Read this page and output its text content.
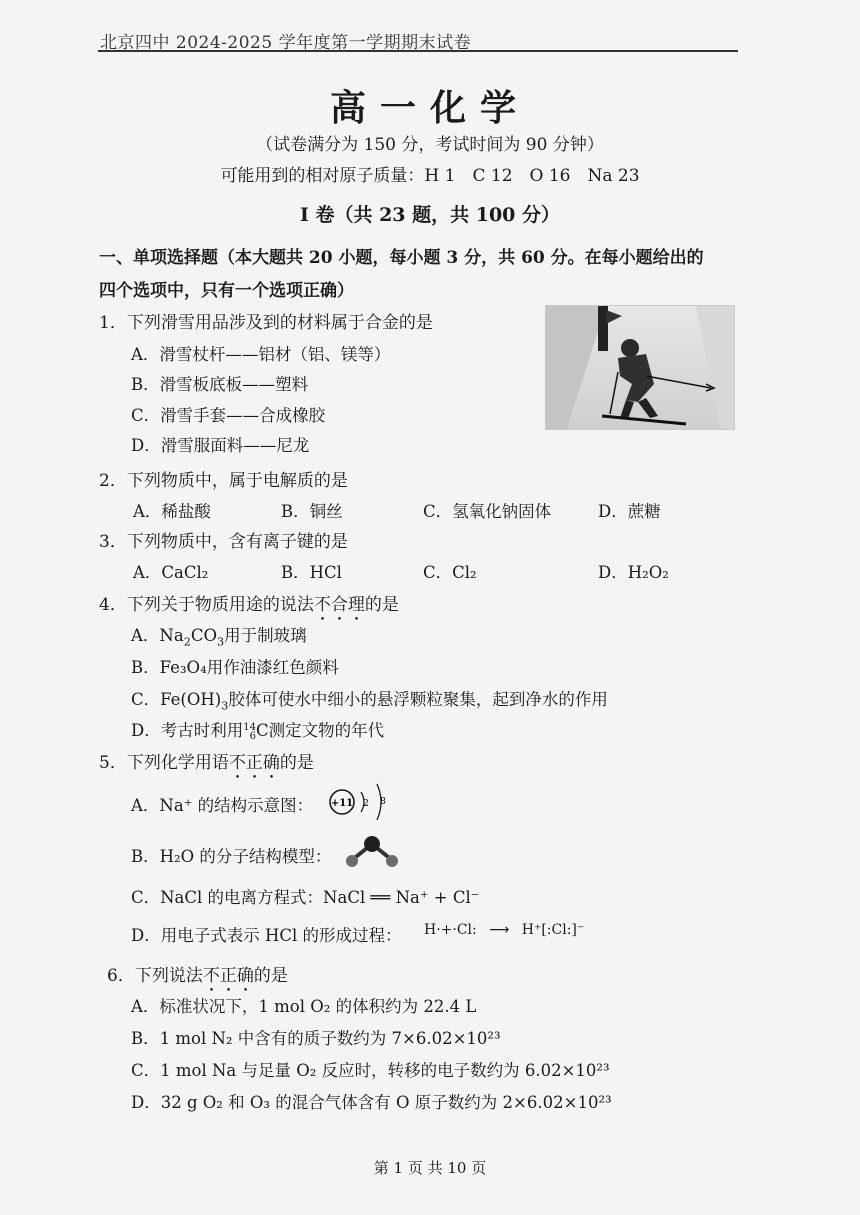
北京四中 2024-2025 学年度第一学期期末试卷
高一化学
（试卷满分为 150 分，考试时间为 90 分钟）
可能用到的相对原子质量：H 1　C 12　O 16　Na 23
I 卷（共 23 题，共 100 分）
一、单项选择题（本大题共 20 小题，每小题 3 分，共 60 分。在每小题给出的
四个选项中，只有一个选项正确）
1．下列滑雪用品涉及到的材料属于合金的是
A．滑雪杖杆——铝材（铝、镁等）
B．滑雪板底板——塑料
C．滑雪手套——合成橡胶
D．滑雪服面料——尼龙
2．下列物质中，属于电解质的是
A．稀盐酸	B．铜丝	C．氢氧化钠固体	D．蔗糖
3．下列物质中，含有离子键的是
A．CaCl₂	B．HCl	C．Cl₂	D．H₂O₂
4．下列关于物质用途的说法不合理的是
A．$Na_2CO_3$用于制玻璃
B．Fe₃O₄用作油漆红色颜料
C．$Fe(OH)_3$胶体可使水中细小的悬浮颗粒聚集，起到净水的作用
D．考古时利用14
6C测定文物的年代
5．下列化学用语不正确的是
A．Na⁺ 的结构示意图： +11 2 8
B．H₂O 的分子结构模型：
C．NaCl 的电离方程式：NaCl ══ Na⁺ + Cl⁻
D．用电子式表示 HCl 的形成过程： H·+·Cl: ⟶ H⁺[:Cl:]⁻
6．下列说法不正确的是
A．标准状况下，1 mol O₂ 的体积约为 22.4 L
B．1 mol N₂ 中含有的质子数约为 7×6.02×10²³
C．1 mol Na 与足量 O₂ 反应时，转移的电子数约为 6.02×10²³
D．32 g O₂ 和 O₃ 的混合气体含有 O 原子数约为 2×6.02×10²³
第 1 页 共 10 页
